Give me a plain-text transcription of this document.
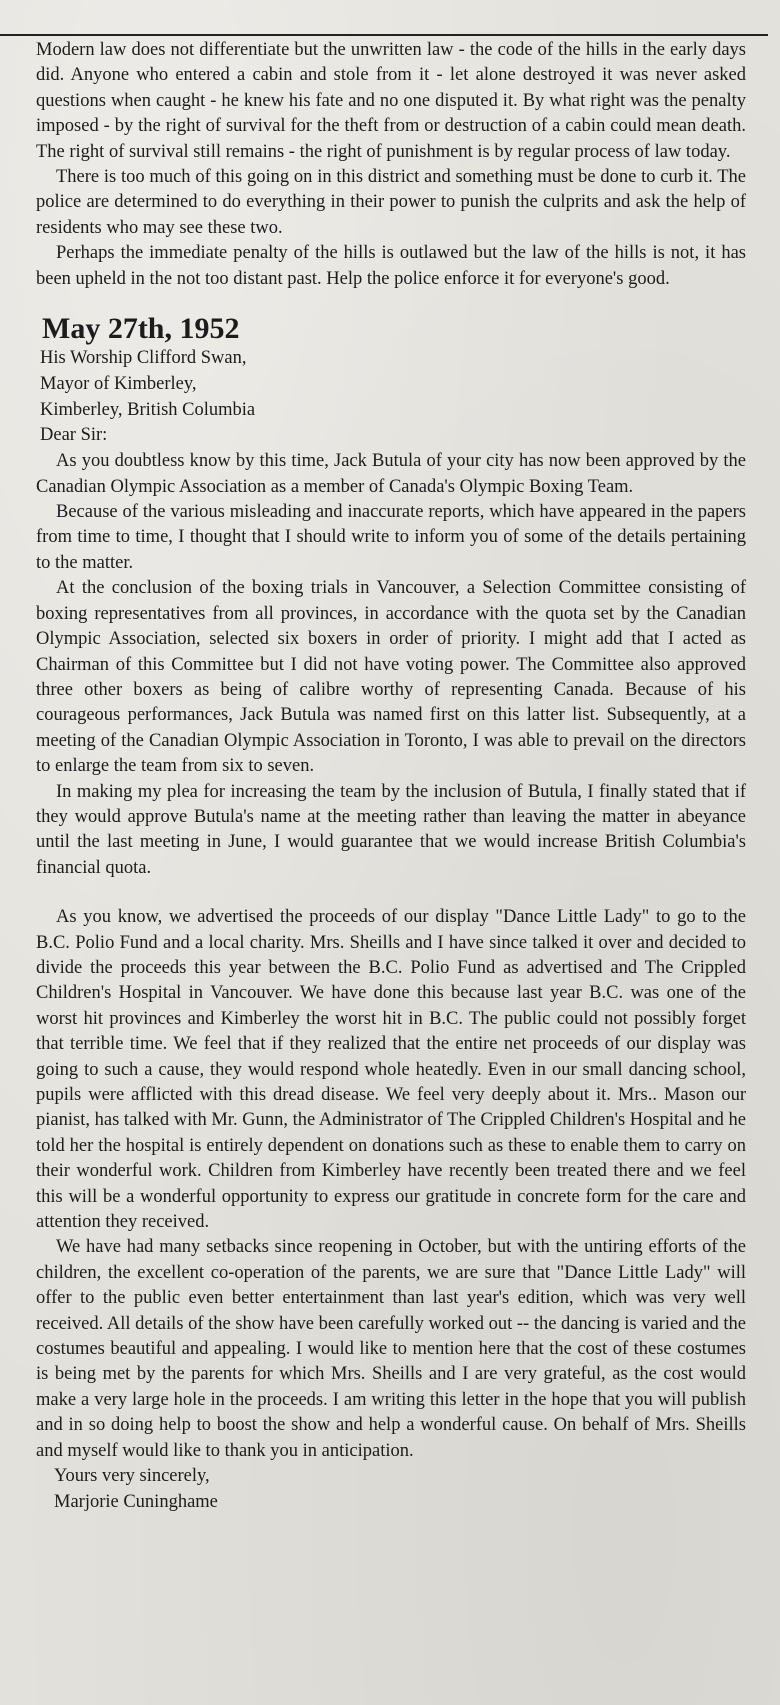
Modern law does not differentiate but the unwritten law - the code of the hills in the early days did. Anyone who entered a cabin and stole from it - let alone destroyed it was never asked questions when caught - he knew his fate and no one disputed it. By what right was the penalty imposed - by the right of survival for the theft from or destruction of a cabin could mean death. The right of survival still remains - the right of punishment is by regular process of law today.

There is too much of this going on in this district and something must be done to curb it. The police are determined to do everything in their power to punish the culprits and ask the help of residents who may see these two.

Perhaps the immediate penalty of the hills is outlawed but the law of the hills is not, it has been upheld in the not too distant past. Help the police enforce it for everyone's good.

May 27th, 1952
His Worship Clifford Swan,
Mayor of Kimberley,
Kimberley, British Columbia
Dear Sir:

As you doubtless know by this time, Jack Butula of your city has now been approved by the Canadian Olympic Association as a member of Canada's Olympic Boxing Team.

Because of the various misleading and inaccurate reports, which have appeared in the papers from time to time, I thought that I should write to inform you of some of the details pertaining to the matter.

At the conclusion of the boxing trials in Vancouver, a Selection Committee consisting of boxing representatives from all provinces, in accordance with the quota set by the Canadian Olympic Association, selected six boxers in order of priority. I might add that I acted as Chairman of this Committee but I did not have voting power. The Committee also approved three other boxers as being of calibre worthy of representing Canada. Because of his courageous performances, Jack Butula was named first on this latter list. Subsequently, at a meeting of the Canadian Olympic Association in Toronto, I was able to prevail on the directors to enlarge the team from six to seven.

In making my plea for increasing the team by the inclusion of Butula, I finally stated that if they would approve Butula's name at the meeting rather than leaving the matter in abeyance until the last meeting in June, I would guarantee that we would increase British Columbia's financial quota.

As you know, we advertised the proceeds of our display "Dance Little Lady" to go to the B.C. Polio Fund and a local charity. Mrs. Sheills and I have since talked it over and decided to divide the proceeds this year between the B.C. Polio Fund as advertised and The Crippled Children's Hospital in Vancouver. We have done this because last year B.C. was one of the worst hit provinces and Kimberley the worst hit in B.C. The public could not possibly forget that terrible time. We feel that if they realized that the entire net proceeds of our display was going to such a cause, they would respond whole heatedly. Even in our small dancing school, pupils were afflicted with this dread disease. We feel very deeply about it. Mrs.. Mason our pianist, has talked with Mr. Gunn, the Administrator of The Crippled Children's Hospital and he told her the hospital is entirely dependent on donations such as these to enable them to carry on their wonderful work. Children from Kimberley have recently been treated there and we feel this will be a wonderful opportunity to express our gratitude in concrete form for the care and attention they received.

We have had many setbacks since reopening in October, but with the untiring efforts of the children, the excellent co-operation of the parents, we are sure that "Dance Little Lady" will offer to the public even better entertainment than last year's edition, which was very well received. All details of the show have been carefully worked out -- the dancing is varied and the costumes beautiful and appealing. I would like to mention here that the cost of these costumes is being met by the parents for which Mrs. Sheills and I are very grateful, as the cost would make a very large hole in the proceeds. I am writing this letter in the hope that you will publish and in so doing help to boost the show and help a wonderful cause. On behalf of Mrs. Sheills and myself would like to thank you in anticipation.

Yours very sincerely,
Marjorie Cuninghame
